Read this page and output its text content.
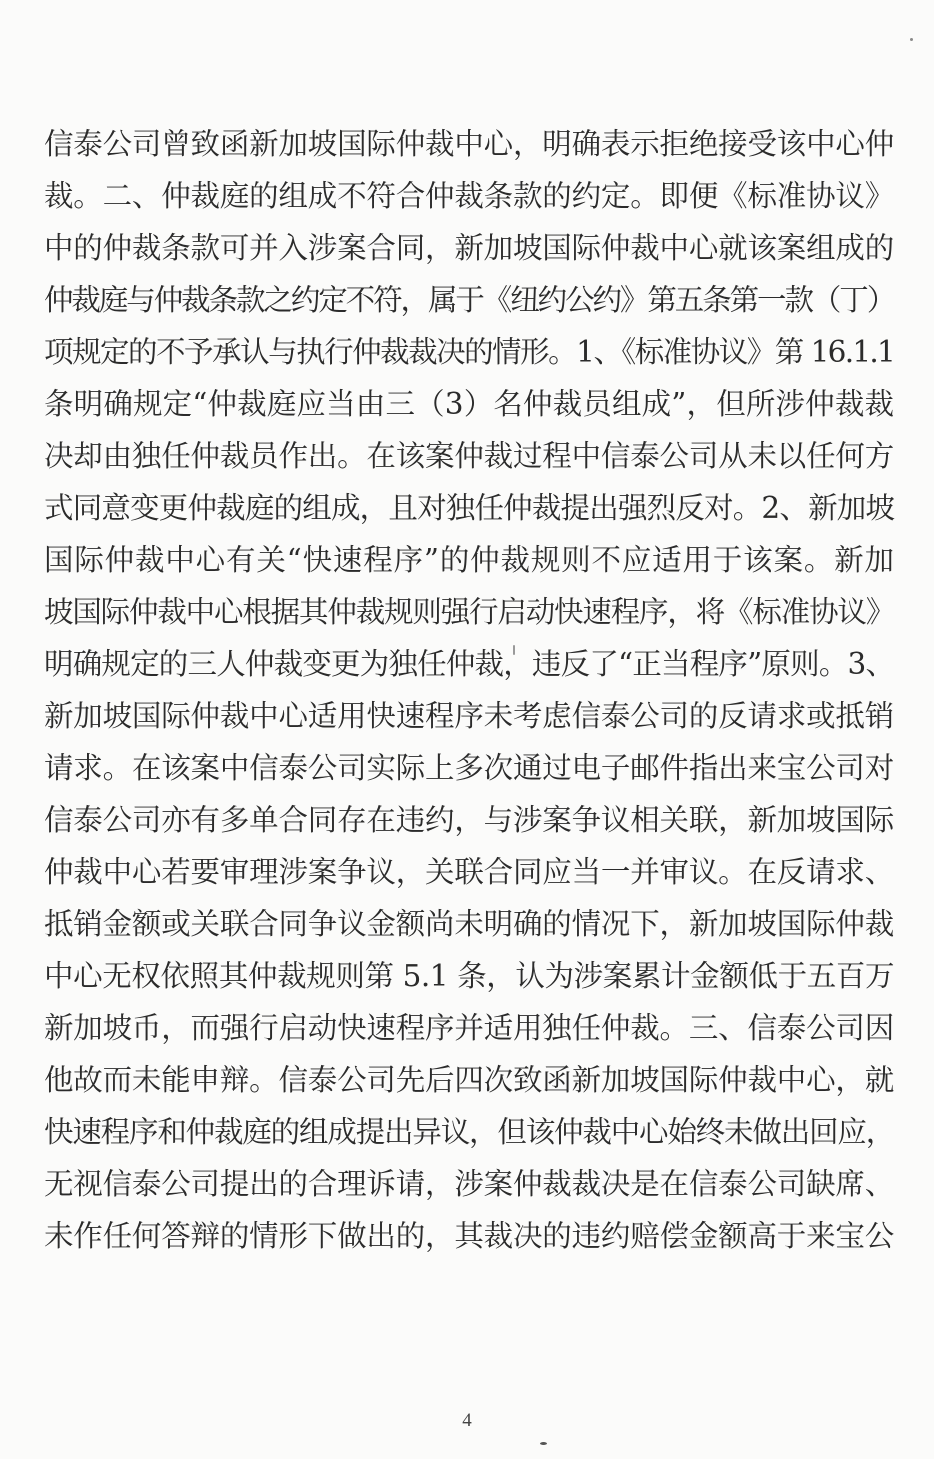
信泰公司曾致函新加坡国际仲裁中心，明确表示拒绝接受该中心仲
裁。二、仲裁庭的组成不符合仲裁条款的约定。即便《标准协议》
中的仲裁条款可并入涉案合同，新加坡国际仲裁中心就该案组成的
仲裁庭与仲裁条款之约定不符，属于《纽约公约》第五条第一款（丁）
项规定的不予承认与执行仲裁裁决的情形。1、《标准协议》第 16.1.1
条明确规定“仲裁庭应当由三（3）名仲裁员组成”，但所涉仲裁裁
决却由独任仲裁员作出。在该案仲裁过程中信泰公司从未以任何方
式同意变更仲裁庭的组成，且对独任仲裁提出强烈反对。2、新加坡
国际仲裁中心有关“快速程序”的仲裁规则不应适用于该案。新加
坡国际仲裁中心根据其仲裁规则强行启动快速程序，将《标准协议》
明确规定的三人仲裁变更为独任仲裁，违反了“正当程序”原则。3、
新加坡国际仲裁中心适用快速程序未考虑信泰公司的反请求或抵销
请求。在该案中信泰公司实际上多次通过电子邮件指出来宝公司对
信泰公司亦有多单合同存在违约，与涉案争议相关联，新加坡国际
仲裁中心若要审理涉案争议，关联合同应当一并审议。在反请求、
抵销金额或关联合同争议金额尚未明确的情况下，新加坡国际仲裁
中心无权依照其仲裁规则第 5.1 条，认为涉案累计金额低于五百万
新加坡币，而强行启动快速程序并适用独任仲裁。三、信泰公司因
他故而未能申辩。信泰公司先后四次致函新加坡国际仲裁中心，就
快速程序和仲裁庭的组成提出异议，但该仲裁中心始终未做出回应，
无视信泰公司提出的合理诉请，涉案仲裁裁决是在信泰公司缺席、
未作任何答辩的情形下做出的，其裁决的违约赔偿金额高于来宝公
4
